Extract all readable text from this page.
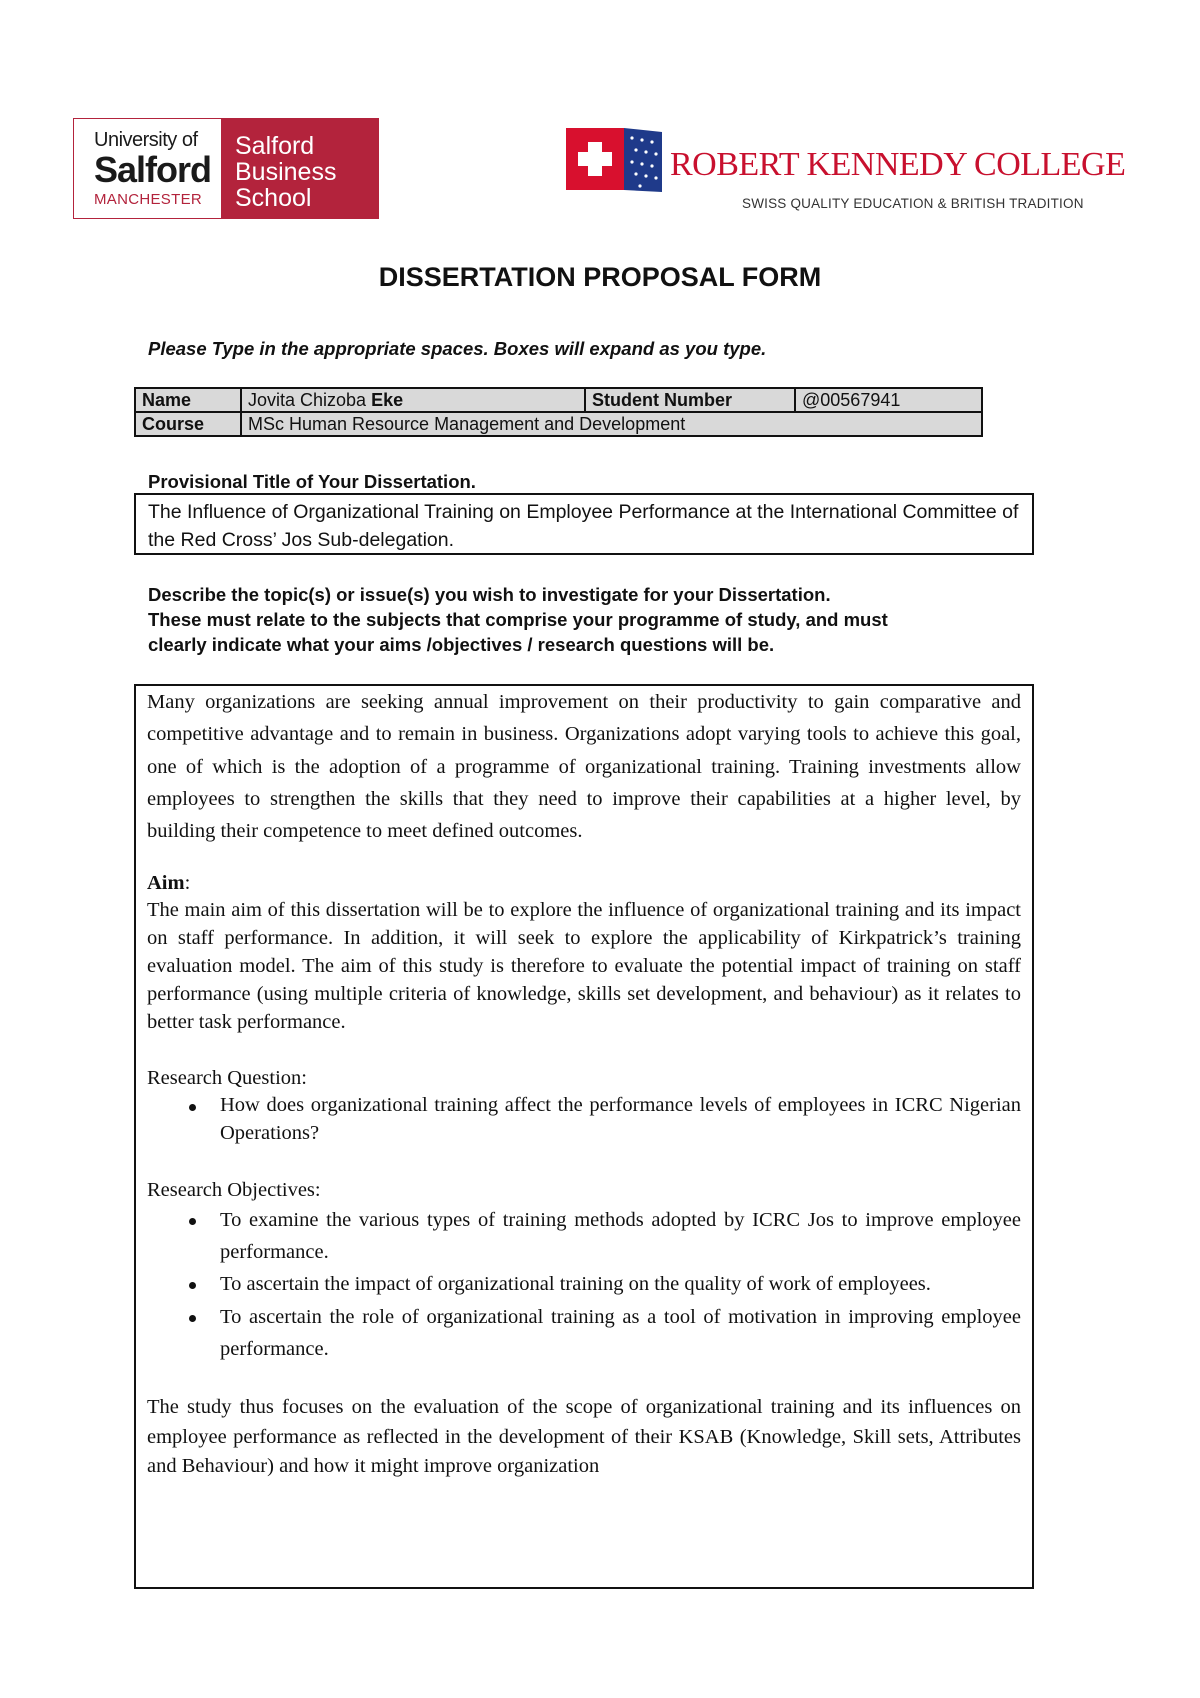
University of
Salford
MANCHESTER
Salford
Business
School
ROBERT KENNEDY COLLEGE
SWISS QUALITY EDUCATION & BRITISH TRADITION
DISSERTATION PROPOSAL FORM
Please Type in the appropriate spaces. Boxes will expand as you type.
Name	Jovita Chizoba Eke	Student Number	@00567941
Course	MSc Human Resource Management and Development		
Provisional Title of Your Dissertation.
The Influence of Organizational Training on Employee Performance at the International Committee of the Red Cross’ Jos Sub-delegation.
Describe the topic(s) or issue(s) you wish to investigate for your Dissertation.
These must relate to the subjects that comprise your programme of study, and must
clearly indicate what your aims /objectives / research questions will be.
Many organizations are seeking annual improvement on their productivity to gain comparative and competitive advantage and to remain in business. Organizations adopt varying tools to achieve this goal, one of which is the adoption of a programme of organizational training. Training investments allow employees to strengthen the skills that they need to improve their capabilities at a higher level, by building their competence to meet defined outcomes.
Aim:
The main aim of this dissertation will be to explore the influence of organizational training and its impact on staff performance. In addition, it will seek to explore the applicability of Kirkpatrick’s training evaluation model. The aim of this study is therefore to evaluate the potential impact of training on staff performance (using multiple criteria of knowledge, skills set development, and behaviour) as it relates to better task performance.
Research Question:
How does organizational training affect the performance levels of employees in ICRC Nigerian Operations?
Research Objectives:
To examine the various types of training methods adopted by ICRC Jos to improve employee performance.
To ascertain the impact of organizational training on the quality of work of employees.
To ascertain the role of organizational training as a tool of motivation in improving employee performance.
The study thus focuses on the evaluation of the scope of organizational training and its influences on employee performance as reflected in the development of their KSAB (Knowledge, Skill sets, Attributes and Behaviour) and how it might improve organization
